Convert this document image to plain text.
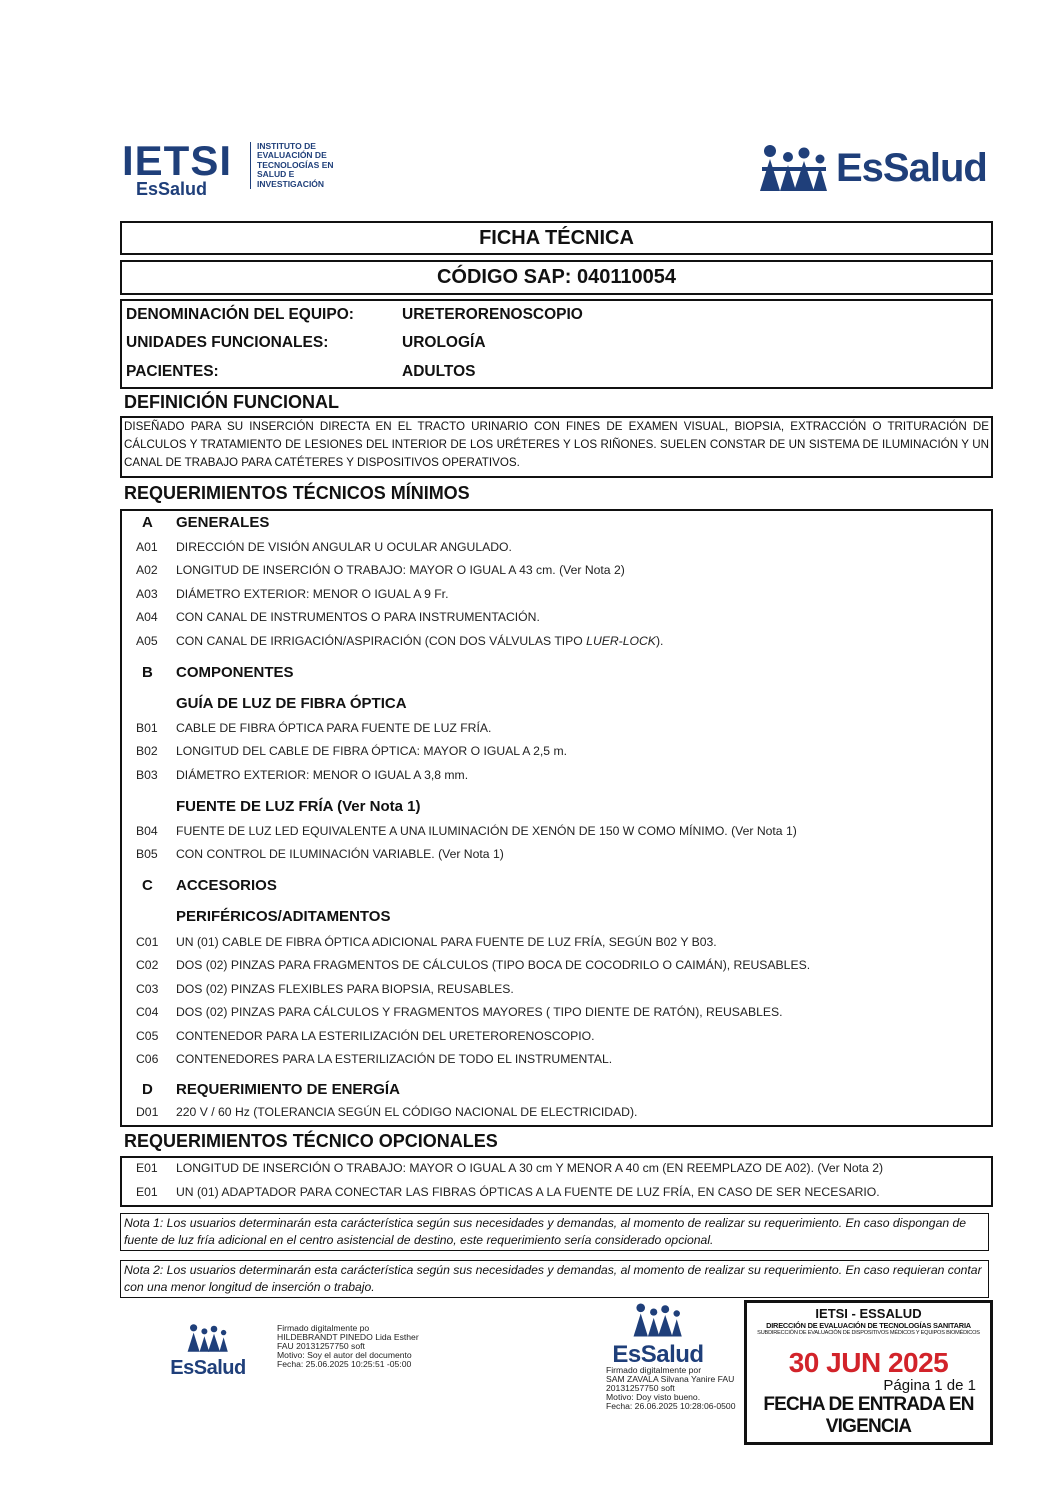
IETSI
EsSalud
INSTITUTO DE
EVALUACIÓN DE
TECNOLOGÍAS EN
SALUD E
INVESTIGACIÓN	EsSalud
FICHA TÉCNICA
CÓDIGO SAP: 040110054
DENOMINACIÓN DEL EQUIPO:	URETERORENOSCOPIO
UNIDADES FUNCIONALES:	UROLOGÍA
PACIENTES:	ADULTOS
DEFINICIÓN FUNCIONAL
DISEÑADO PARA SU INSERCIÓN DIRECTA EN EL TRACTO URINARIO CON FINES DE EXAMEN VISUAL, BIOPSIA, EXTRACCIÓN O TRITURACIÓN DE CÁLCULOS Y TRATAMIENTO DE LESIONES DEL INTERIOR DE LOS URÉTERES Y LOS RIÑONES. SUELEN CONSTAR DE UN SISTEMA DE ILUMINACIÓN Y UN CANAL DE TRABAJO PARA CATÉTERES Y DISPOSITIVOS OPERATIVOS.
REQUERIMIENTOS TÉCNICOS MÍNIMOS
A GENERALES
A01 DIRECCIÓN DE VISIÓN ANGULAR U OCULAR ANGULADO.
A02 LONGITUD DE INSERCIÓN O TRABAJO: MAYOR O IGUAL A 43 cm. (Ver Nota 2)
A03 DIÁMETRO EXTERIOR: MENOR O IGUAL A 9 Fr.
A04 CON CANAL DE INSTRUMENTOS O PARA INSTRUMENTACIÓN.
A05 CON CANAL DE IRRIGACIÓN/ASPIRACIÓN (CON DOS VÁLVULAS TIPO LUER-LOCK).
B COMPONENTES
GUÍA DE LUZ DE FIBRA ÓPTICA
B01 CABLE DE FIBRA ÓPTICA PARA FUENTE DE LUZ FRÍA.
B02 LONGITUD DEL CABLE DE FIBRA ÓPTICA: MAYOR O IGUAL A 2,5 m.
B03 DIÁMETRO EXTERIOR: MENOR O IGUAL A 3,8 mm.
FUENTE DE LUZ FRÍA (Ver Nota 1)
B04 FUENTE DE LUZ LED EQUIVALENTE A UNA ILUMINACIÓN DE XENÓN DE 150 W COMO MÍNIMO. (Ver Nota 1)
B05 CON CONTROL DE ILUMINACIÓN VARIABLE. (Ver Nota 1)
C ACCESORIOS
PERIFÉRICOS/ADITAMENTOS
C01 UN (01) CABLE DE FIBRA ÓPTICA ADICIONAL PARA FUENTE DE LUZ FRÍA, SEGÚN B02 Y B03.
C02 DOS (02) PINZAS PARA FRAGMENTOS DE CÁLCULOS (TIPO BOCA DE COCODRILO O CAIMÁN), REUSABLES.
C03 DOS (02) PINZAS FLEXIBLES PARA BIOPSIA, REUSABLES.
C04 DOS (02) PINZAS PARA CÁLCULOS Y FRAGMENTOS MAYORES ( TIPO DIENTE DE RATÓN), REUSABLES.
C05 CONTENEDOR PARA LA ESTERILIZACIÓN DEL URETERORENOSCOPIO.
C06 CONTENEDORES PARA LA ESTERILIZACIÓN DE TODO EL INSTRUMENTAL.
D REQUERIMIENTO DE ENERGÍA
D01 220 V / 60 Hz (TOLERANCIA SEGÚN EL CÓDIGO NACIONAL DE ELECTRICIDAD).
REQUERIMIENTOS TÉCNICO OPCIONALES
E01 LONGITUD DE INSERCIÓN O TRABAJO: MAYOR O IGUAL A 30 cm Y MENOR A 40 cm (EN REEMPLAZO DE A02). (Ver Nota 2)
E01 UN (01) ADAPTADOR PARA CONECTAR LAS FIBRAS ÓPTICAS A LA FUENTE DE LUZ FRÍA, EN CASO DE SER NECESARIO.
Nota 1: Los usuarios determinarán esta carácterística según sus necesidades y demandas, al momento de realizar su requerimiento. En caso dispongan de fuente de luz fría adicional en el centro asistencial de destino, este requerimiento sería considerado opcional.
Nota 2: Los usuarios determinarán esta carácterística según sus necesidades y demandas, al momento de realizar su requerimiento. En caso requieran contar con una menor longitud de inserción o trabajo.
EsSalud
Firmado digitalmente po
HILDEBRANDT PINEDO Lida Esther
FAU 20131257750 soft
Motivo: Soy el autor del documento
Fecha: 25.06.2025 10:25:51 -05:00	EsSalud
Firmado digitalmente por
SAM ZAVALA Silvana Yanire FAU
20131257750 soft
Motivo: Doy visto bueno.
Fecha: 26.06.2025 10:28:06-0500
IETSI - ESSALUD
DIRECCIÓN DE EVALUACIÓN DE TECNOLOGÍAS SANITARIA
SUBDIRECCIÓN DE EVALUACIÓN DE DISPOSITIVOS MÉDICOS Y EQUIPOS BIOMÉDICOS
30 JUN 2025
Página 1 de 1
FECHA DE ENTRADA EN VIGENCIA
